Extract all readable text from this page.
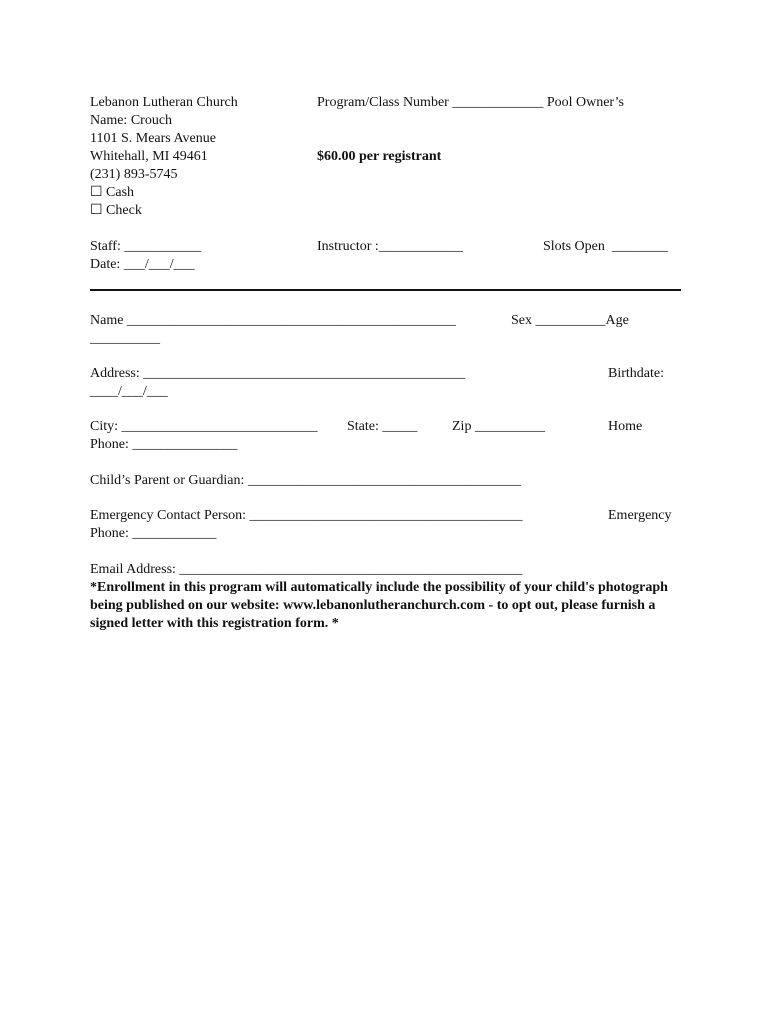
Lebanon Lutheran Church
Name: Crouch
1101 S. Mears Avenue
Whitehall, MI 49461
(231) 893-5745
☐ Cash
☐ Check
Program/Class Number _____________ Pool Owner’s
$60.00 per registrant
Staff: ___________
Date: ___/___/___
Instructor :____________	Slots Open  ________
Name _______________________________________________	Sex __________Age
__________
Address: ______________________________________________	Birthdate:
____/___/___
City: ____________________________ State: _____ Zip __________	Home
Phone: _______________
Child’s Parent or Guardian: _______________________________________
Emergency Contact Person: _______________________________________	Emergency
Phone: ____________
Email Address: _________________________________________________
*Enrollment in this program will automatically include the possibility of your child's photograph being published on our website: www.lebanonlutheranchurch.com - to opt out, please furnish a signed letter with this registration form. *
